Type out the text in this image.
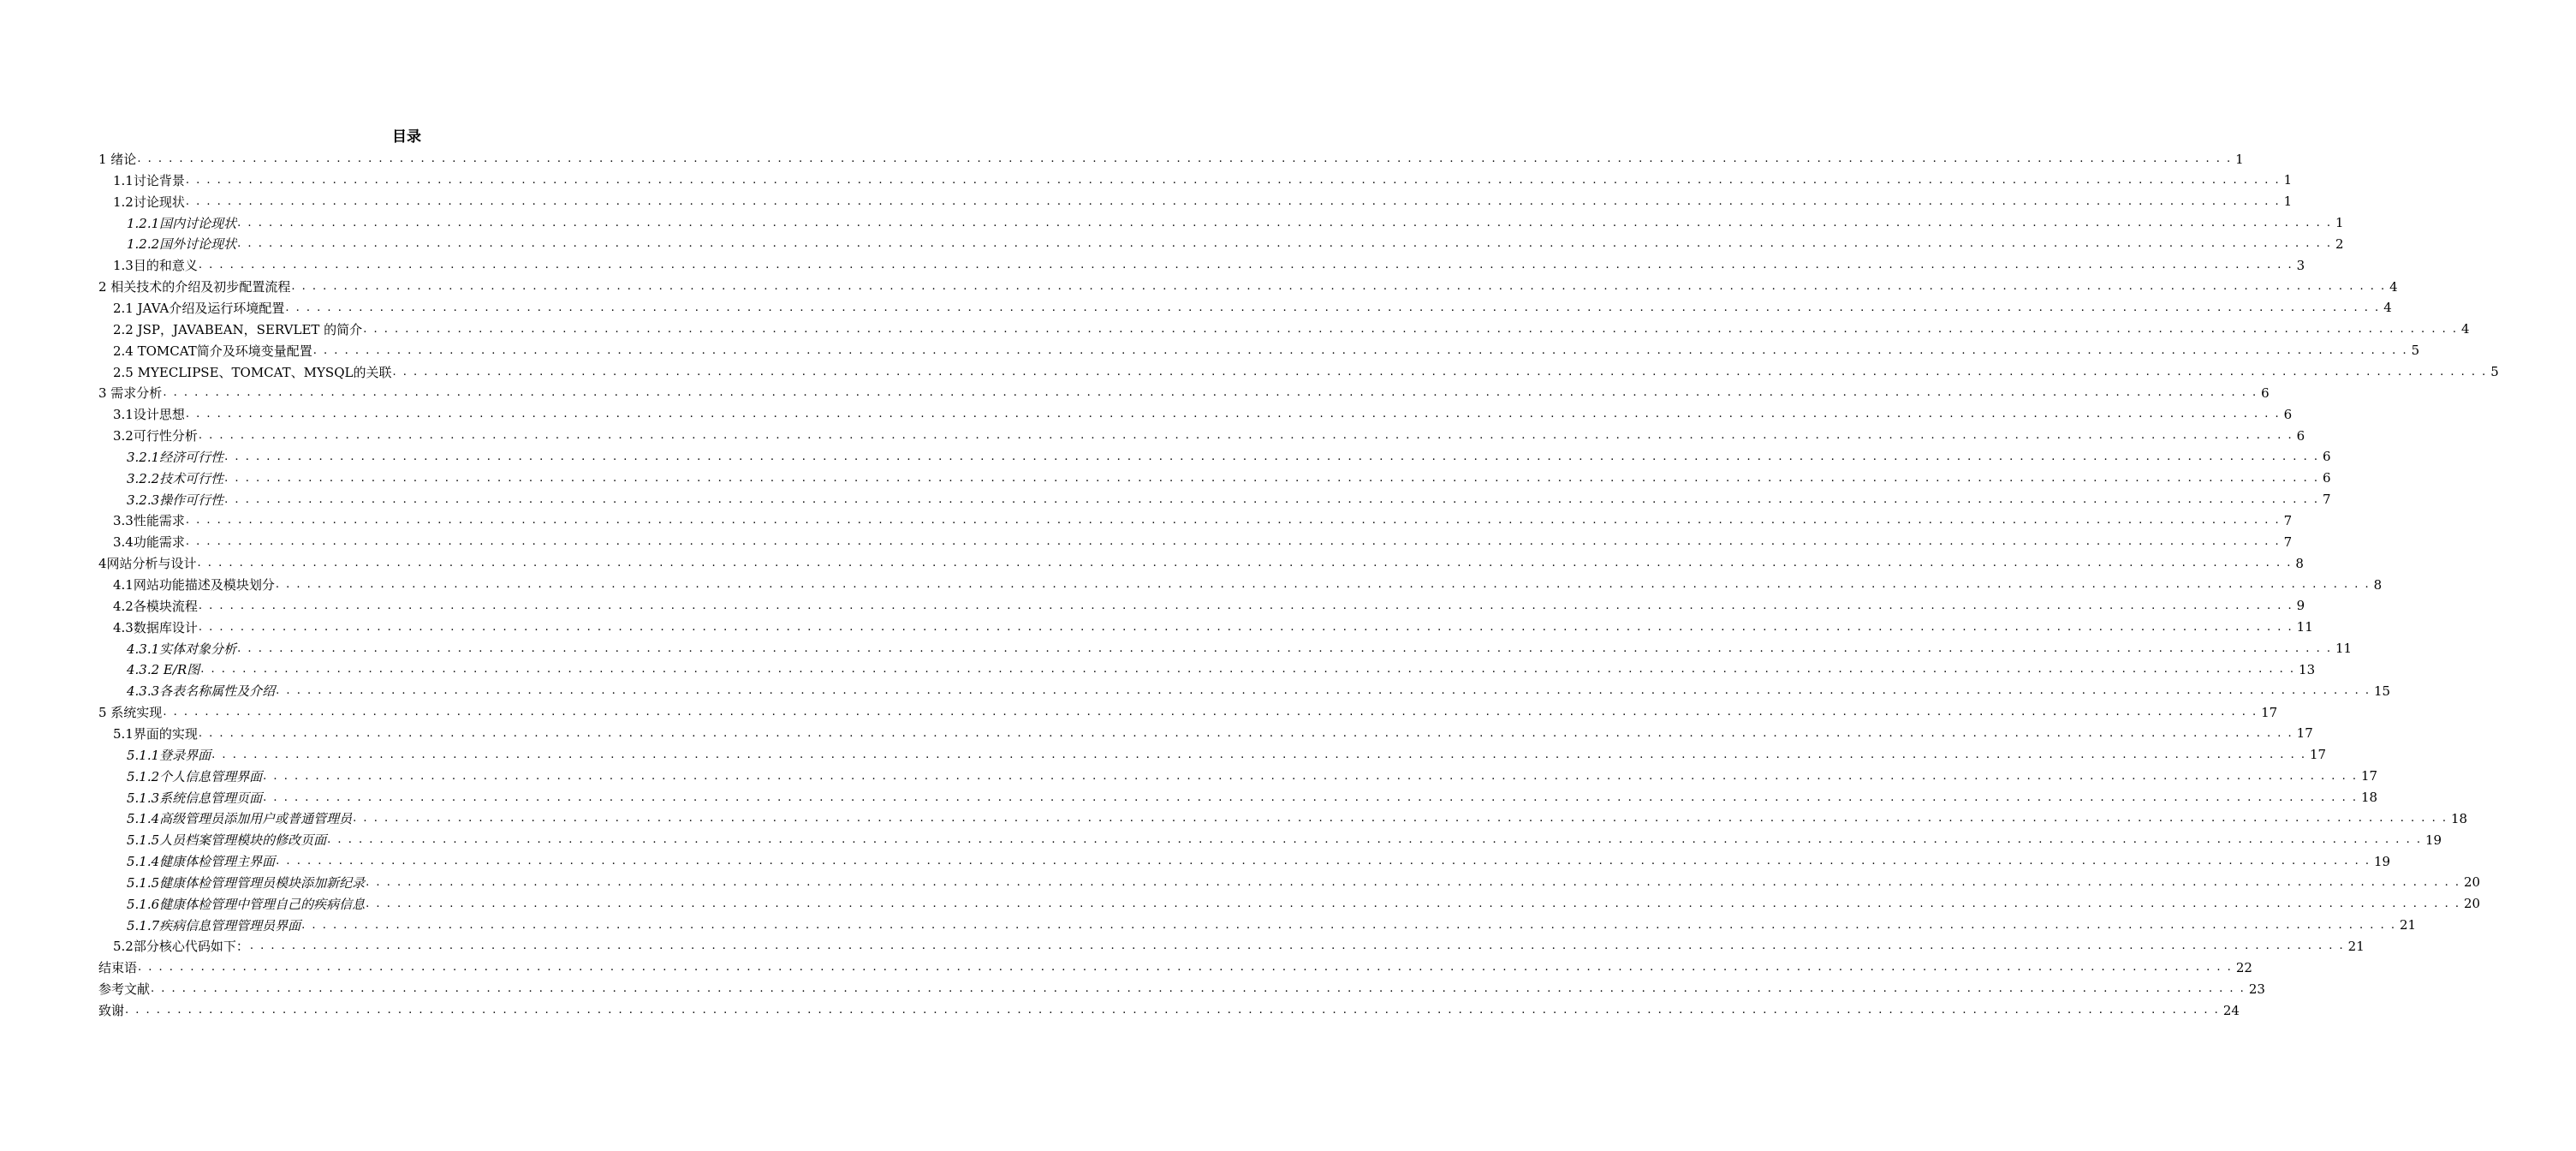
目录
1 绪论 . . . . . . . . . . . . . . . . . . . . . . . . . . . . . . . . . . . . . . . . . . . . . . . . . . . . . . . . . . . . . . . . . . . . . . . . . . . . . . . . . . . . . . . . . . . . . . . . . . . . . . . . . . . . . . . . . . . . . . . . . . . . . . . . . . . . . . . . . . . . . . . . . . . . . . . . . . . . . . . . . . . . . . . . . . . . . . . . . . . . . . . . . . . . . . . . . . . . . . . . 1
1.1讨论背景 . . . . . . . . . . . . . . . . . . . . . . . . . . . . . . . . . . . . . . . . . . . . . . . . . . . . . . . . . . . . . . . . . . . . . . . . . . . . . . . . . . . . . . . . . . . . . . . . . . . . . . . . . . . . . . . . . . . . . . . . . . . . . . . . . . . . . . . . . . . . . . . . . . . . . . . . . . . . . . . . . . . . . . . . . . . . . . . . . . . . . . . . . . . . . . . . . . . . . . . . 1
1.2讨论现状 . . . . . . . . . . . . . . . . . . . . . . . . . . . . . . . . . . . . . . . . . . . . . . . . . . . . . . . . . . . . . . . . . . . . . . . . . . . . . . . . . . . . . . . . . . . . . . . . . . . . . . . . . . . . . . . . . . . . . . . . . . . . . . . . . . . . . . . . . . . . . . . . . . . . . . . . . . . . . . . . . . . . . . . . . . . . . . . . . . . . . . . . . . . . . . . . . . . . . . . . 1
1.2.1国内讨论现状 . . . . . . . . . . . . . . . . . . . . . . . . . . . . . . . . . . . . . . . . . . . . . . . . . . . . . . . . . . . . . . . . . . . . . . . . . . . . . . . . . . . . . . . . . . . . . . . . . . . . . . . . . . . . . . . . . . . . . . . . . . . . . . . . . . . . . . . . . . . . . . . . . . . . . . . . . . . . . . . . . . . . . . . . . . . . . . . . . . . . . . . . . . . . . . . . . . . . . . . . 1
1.2.2国外讨论现状 . . . . . . . . . . . . . . . . . . . . . . . . . . . . . . . . . . . . . . . . . . . . . . . . . . . . . . . . . . . . . . . . . . . . . . . . . . . . . . . . . . . . . . . . . . . . . . . . . . . . . . . . . . . . . . . . . . . . . . . . . . . . . . . . . . . . . . . . . . . . . . . . . . . . . . . . . . . . . . . . . . . . . . . . . . . . . . . . . . . . . . . . . . . . . . . . . . . . . . . . 2
1.3目的和意义 . . . . . . . . . . . . . . . . . . . . . . . . . . . . . . . . . . . . . . . . . . . . . . . . . . . . . . . . . . . . . . . . . . . . . . . . . . . . . . . . . . . . . . . . . . . . . . . . . . . . . . . . . . . . . . . . . . . . . . . . . . . . . . . . . . . . . . . . . . . . . . . . . . . . . . . . . . . . . . . . . . . . . . . . . . . . . . . . . . . . . . . . . . . . . . . . . . . . . . . . 3
2 相关技术的介绍及初步配置流程 . . . . . . . . . . . . . . . . . . . . . . . . . . . . . . . . . . . . . . . . . . . . . . . . . . . . . . . . . . . . . . . . . . . . . . . . . . . . . . . . . . . . . . . . . . . . . . . . . . . . . . . . . . . . . . . . . . . . . . . . . . . . . . . . . . . . . . . . . . . . . . . . . . . . . . . . . . . . . . . . . . . . . . . . . . . . . . . . . . . . . . . . . . . . . . . . . . . . . . . . 4
2.1 JAVA介绍及运行环境配置 . . . . . . . . . . . . . . . . . . . . . . . . . . . . . . . . . . . . . . . . . . . . . . . . . . . . . . . . . . . . . . . . . . . . . . . . . . . . . . . . . . . . . . . . . . . . . . . . . . . . . . . . . . . . . . . . . . . . . . . . . . . . . . . . . . . . . . . . . . . . . . . . . . . . . . . . . . . . . . . . . . . . . . . . . . . . . . . . . . . . . . . . . . . . . . . . . . . . . . . . 4
2.2 JSP，JAVABEAN，SERVLET 的简介 . . . . . . . . . . . . . . . . . . . . . . . . . . . . . . . . . . . . . . . . . . . . . . . . . . . . . . . . . . . . . . . . . . . . . . . . . . . . . . . . . . . . . . . . . . . . . . . . . . . . . . . . . . . . . . . . . . . . . . . . . . . . . . . . . . . . . . . . . . . . . . . . . . . . . . . . . . . . . . . . . . . . . . . . . . . . . . . . . . . . . . . . . . . . . . . . . . . . . . . . 4
2.4 TOMCAT简介及环境变量配置 . . . . . . . . . . . . . . . . . . . . . . . . . . . . . . . . . . . . . . . . . . . . . . . . . . . . . . . . . . . . . . . . . . . . . . . . . . . . . . . . . . . . . . . . . . . . . . . . . . . . . . . . . . . . . . . . . . . . . . . . . . . . . . . . . . . . . . . . . . . . . . . . . . . . . . . . . . . . . . . . . . . . . . . . . . . . . . . . . . . . . . . . . . . . . . . . . . . . . . . . 5
2.5 MYECLIPSE、TOMCAT、MYSQL的关联 . . . . . . . . . . . . . . . . . . . . . . . . . . . . . . . . . . . . . . . . . . . . . . . . . . . . . . . . . . . . . . . . . . . . . . . . . . . . . . . . . . . . . . . . . . . . . . . . . . . . . . . . . . . . . . . . . . . . . . . . . . . . . . . . . . . . . . . . . . . . . . . . . . . . . . . . . . . . . . . . . . . . . . . . . . . . . . . . . . . . . . . . . . . . . . . . . . . . . . . . 5
3 需求分析 . . . . . . . . . . . . . . . . . . . . . . . . . . . . . . . . . . . . . . . . . . . . . . . . . . . . . . . . . . . . . . . . . . . . . . . . . . . . . . . . . . . . . . . . . . . . . . . . . . . . . . . . . . . . . . . . . . . . . . . . . . . . . . . . . . . . . . . . . . . . . . . . . . . . . . . . . . . . . . . . . . . . . . . . . . . . . . . . . . . . . . . . . . . . . . . . . . . . . . . . 6
3.1设计思想 . . . . . . . . . . . . . . . . . . . . . . . . . . . . . . . . . . . . . . . . . . . . . . . . . . . . . . . . . . . . . . . . . . . . . . . . . . . . . . . . . . . . . . . . . . . . . . . . . . . . . . . . . . . . . . . . . . . . . . . . . . . . . . . . . . . . . . . . . . . . . . . . . . . . . . . . . . . . . . . . . . . . . . . . . . . . . . . . . . . . . . . . . . . . . . . . . . . . . . . . 6
3.2可行性分析 . . . . . . . . . . . . . . . . . . . . . . . . . . . . . . . . . . . . . . . . . . . . . . . . . . . . . . . . . . . . . . . . . . . . . . . . . . . . . . . . . . . . . . . . . . . . . . . . . . . . . . . . . . . . . . . . . . . . . . . . . . . . . . . . . . . . . . . . . . . . . . . . . . . . . . . . . . . . . . . . . . . . . . . . . . . . . . . . . . . . . . . . . . . . . . . . . . . . . . . . 6
3.2.1经济可行性 . . . . . . . . . . . . . . . . . . . . . . . . . . . . . . . . . . . . . . . . . . . . . . . . . . . . . . . . . . . . . . . . . . . . . . . . . . . . . . . . . . . . . . . . . . . . . . . . . . . . . . . . . . . . . . . . . . . . . . . . . . . . . . . . . . . . . . . . . . . . . . . . . . . . . . . . . . . . . . . . . . . . . . . . . . . . . . . . . . . . . . . . . . . . . . . . . . . . . . . . 6
3.2.2技术可行性 . . . . . . . . . . . . . . . . . . . . . . . . . . . . . . . . . . . . . . . . . . . . . . . . . . . . . . . . . . . . . . . . . . . . . . . . . . . . . . . . . . . . . . . . . . . . . . . . . . . . . . . . . . . . . . . . . . . . . . . . . . . . . . . . . . . . . . . . . . . . . . . . . . . . . . . . . . . . . . . . . . . . . . . . . . . . . . . . . . . . . . . . . . . . . . . . . . . . . . . . 6
3.2.3操作可行性 . . . . . . . . . . . . . . . . . . . . . . . . . . . . . . . . . . . . . . . . . . . . . . . . . . . . . . . . . . . . . . . . . . . . . . . . . . . . . . . . . . . . . . . . . . . . . . . . . . . . . . . . . . . . . . . . . . . . . . . . . . . . . . . . . . . . . . . . . . . . . . . . . . . . . . . . . . . . . . . . . . . . . . . . . . . . . . . . . . . . . . . . . . . . . . . . . . . . . . . . 7
3.3性能需求 . . . . . . . . . . . . . . . . . . . . . . . . . . . . . . . . . . . . . . . . . . . . . . . . . . . . . . . . . . . . . . . . . . . . . . . . . . . . . . . . . . . . . . . . . . . . . . . . . . . . . . . . . . . . . . . . . . . . . . . . . . . . . . . . . . . . . . . . . . . . . . . . . . . . . . . . . . . . . . . . . . . . . . . . . . . . . . . . . . . . . . . . . . . . . . . . . . . . . . . . 7
3.4功能需求 . . . . . . . . . . . . . . . . . . . . . . . . . . . . . . . . . . . . . . . . . . . . . . . . . . . . . . . . . . . . . . . . . . . . . . . . . . . . . . . . . . . . . . . . . . . . . . . . . . . . . . . . . . . . . . . . . . . . . . . . . . . . . . . . . . . . . . . . . . . . . . . . . . . . . . . . . . . . . . . . . . . . . . . . . . . . . . . . . . . . . . . . . . . . . . . . . . . . . . . . 7
4网站分析与设计 . . . . . . . . . . . . . . . . . . . . . . . . . . . . . . . . . . . . . . . . . . . . . . . . . . . . . . . . . . . . . . . . . . . . . . . . . . . . . . . . . . . . . . . . . . . . . . . . . . . . . . . . . . . . . . . . . . . . . . . . . . . . . . . . . . . . . . . . . . . . . . . . . . . . . . . . . . . . . . . . . . . . . . . . . . . . . . . . . . . . . . . . . . . . . . . . . . . . . . . . 8
4.1网站功能描述及模块划分 . . . . . . . . . . . . . . . . . . . . . . . . . . . . . . . . . . . . . . . . . . . . . . . . . . . . . . . . . . . . . . . . . . . . . . . . . . . . . . . . . . . . . . . . . . . . . . . . . . . . . . . . . . . . . . . . . . . . . . . . . . . . . . . . . . . . . . . . . . . . . . . . . . . . . . . . . . . . . . . . . . . . . . . . . . . . . . . . . . . . . . . . . . . . . . . . . . . . . . . . 8
4.2各模块流程 . . . . . . . . . . . . . . . . . . . . . . . . . . . . . . . . . . . . . . . . . . . . . . . . . . . . . . . . . . . . . . . . . . . . . . . . . . . . . . . . . . . . . . . . . . . . . . . . . . . . . . . . . . . . . . . . . . . . . . . . . . . . . . . . . . . . . . . . . . . . . . . . . . . . . . . . . . . . . . . . . . . . . . . . . . . . . . . . . . . . . . . . . . . . . . . . . . . . . . . . 9
4.3数据库设计 . . . . . . . . . . . . . . . . . . . . . . . . . . . . . . . . . . . . . . . . . . . . . . . . . . . . . . . . . . . . . . . . . . . . . . . . . . . . . . . . . . . . . . . . . . . . . . . . . . . . . . . . . . . . . . . . . . . . . . . . . . . . . . . . . . . . . . . . . . . . . . . . . . . . . . . . . . . . . . . . . . . . . . . . . . . . . . . . . . . . . . . . . . . . . . . . . . . . . . . . 11
4.3.1实体对象分析 . . . . . . . . . . . . . . . . . . . . . . . . . . . . . . . . . . . . . . . . . . . . . . . . . . . . . . . . . . . . . . . . . . . . . . . . . . . . . . . . . . . . . . . . . . . . . . . . . . . . . . . . . . . . . . . . . . . . . . . . . . . . . . . . . . . . . . . . . . . . . . . . . . . . . . . . . . . . . . . . . . . . . . . . . . . . . . . . . . . . . . . . . . . . . . . . . . . . . . . . 11
4.3.2 E/R图 . . . . . . . . . . . . . . . . . . . . . . . . . . . . . . . . . . . . . . . . . . . . . . . . . . . . . . . . . . . . . . . . . . . . . . . . . . . . . . . . . . . . . . . . . . . . . . . . . . . . . . . . . . . . . . . . . . . . . . . . . . . . . . . . . . . . . . . . . . . . . . . . . . . . . . . . . . . . . . . . . . . . . . . . . . . . . . . . . . . . . . . . . . . . . . . . . . . . . . . . 13
4.3.3各表名称属性及介绍 . . . . . . . . . . . . . . . . . . . . . . . . . . . . . . . . . . . . . . . . . . . . . . . . . . . . . . . . . . . . . . . . . . . . . . . . . . . . . . . . . . . . . . . . . . . . . . . . . . . . . . . . . . . . . . . . . . . . . . . . . . . . . . . . . . . . . . . . . . . . . . . . . . . . . . . . . . . . . . . . . . . . . . . . . . . . . . . . . . . . . . . . . . . . . . . . . . . . . . . . 15
5 系统实现 . . . . . . . . . . . . . . . . . . . . . . . . . . . . . . . . . . . . . . . . . . . . . . . . . . . . . . . . . . . . . . . . . . . . . . . . . . . . . . . . . . . . . . . . . . . . . . . . . . . . . . . . . . . . . . . . . . . . . . . . . . . . . . . . . . . . . . . . . . . . . . . . . . . . . . . . . . . . . . . . . . . . . . . . . . . . . . . . . . . . . . . . . . . . . . . . . . . . . . . . 17
5.1界面的实现 . . . . . . . . . . . . . . . . . . . . . . . . . . . . . . . . . . . . . . . . . . . . . . . . . . . . . . . . . . . . . . . . . . . . . . . . . . . . . . . . . . . . . . . . . . . . . . . . . . . . . . . . . . . . . . . . . . . . . . . . . . . . . . . . . . . . . . . . . . . . . . . . . . . . . . . . . . . . . . . . . . . . . . . . . . . . . . . . . . . . . . . . . . . . . . . . . . . . . . . . 17
5.1.1登录界面 . . . . . . . . . . . . . . . . . . . . . . . . . . . . . . . . . . . . . . . . . . . . . . . . . . . . . . . . . . . . . . . . . . . . . . . . . . . . . . . . . . . . . . . . . . . . . . . . . . . . . . . . . . . . . . . . . . . . . . . . . . . . . . . . . . . . . . . . . . . . . . . . . . . . . . . . . . . . . . . . . . . . . . . . . . . . . . . . . . . . . . . . . . . . . . . . . . . . . . . . 17
5.1.2个人信息管理界面 . . . . . . . . . . . . . . . . . . . . . . . . . . . . . . . . . . . . . . . . . . . . . . . . . . . . . . . . . . . . . . . . . . . . . . . . . . . . . . . . . . . . . . . . . . . . . . . . . . . . . . . . . . . . . . . . . . . . . . . . . . . . . . . . . . . . . . . . . . . . . . . . . . . . . . . . . . . . . . . . . . . . . . . . . . . . . . . . . . . . . . . . . . . . . . . . . . . . . . . . 17
5.1.3系统信息管理页面 . . . . . . . . . . . . . . . . . . . . . . . . . . . . . . . . . . . . . . . . . . . . . . . . . . . . . . . . . . . . . . . . . . . . . . . . . . . . . . . . . . . . . . . . . . . . . . . . . . . . . . . . . . . . . . . . . . . . . . . . . . . . . . . . . . . . . . . . . . . . . . . . . . . . . . . . . . . . . . . . . . . . . . . . . . . . . . . . . . . . . . . . . . . . . . . . . . . . . . . . 18
5.1.4高级管理员添加用户或普通管理员 . . . . . . . . . . . . . . . . . . . . . . . . . . . . . . . . . . . . . . . . . . . . . . . . . . . . . . . . . . . . . . . . . . . . . . . . . . . . . . . . . . . . . . . . . . . . . . . . . . . . . . . . . . . . . . . . . . . . . . . . . . . . . . . . . . . . . . . . . . . . . . . . . . . . . . . . . . . . . . . . . . . . . . . . . . . . . . . . . . . . . . . . . . . . . . . . . . . . . . . . 18
5.1.5人员档案管理模块的修改页面 . . . . . . . . . . . . . . . . . . . . . . . . . . . . . . . . . . . . . . . . . . . . . . . . . . . . . . . . . . . . . . . . . . . . . . . . . . . . . . . . . . . . . . . . . . . . . . . . . . . . . . . . . . . . . . . . . . . . . . . . . . . . . . . . . . . . . . . . . . . . . . . . . . . . . . . . . . . . . . . . . . . . . . . . . . . . . . . . . . . . . . . . . . . . . . . . . . . . . . . . 19
5.1.4健康体检管理主界面 . . . . . . . . . . . . . . . . . . . . . . . . . . . . . . . . . . . . . . . . . . . . . . . . . . . . . . . . . . . . . . . . . . . . . . . . . . . . . . . . . . . . . . . . . . . . . . . . . . . . . . . . . . . . . . . . . . . . . . . . . . . . . . . . . . . . . . . . . . . . . . . . . . . . . . . . . . . . . . . . . . . . . . . . . . . . . . . . . . . . . . . . . . . . . . . . . . . . . . . . 19
5.1.5健康体检管理管理员模块添加新纪录 . . . . . . . . . . . . . . . . . . . . . . . . . . . . . . . . . . . . . . . . . . . . . . . . . . . . . . . . . . . . . . . . . . . . . . . . . . . . . . . . . . . . . . . . . . . . . . . . . . . . . . . . . . . . . . . . . . . . . . . . . . . . . . . . . . . . . . . . . . . . . . . . . . . . . . . . . . . . . . . . . . . . . . . . . . . . . . . . . . . . . . . . . . . . . . . . . . . . . . . . 20
5.1.6健康体检管理中管理自己的疾病信息 . . . . . . . . . . . . . . . . . . . . . . . . . . . . . . . . . . . . . . . . . . . . . . . . . . . . . . . . . . . . . . . . . . . . . . . . . . . . . . . . . . . . . . . . . . . . . . . . . . . . . . . . . . . . . . . . . . . . . . . . . . . . . . . . . . . . . . . . . . . . . . . . . . . . . . . . . . . . . . . . . . . . . . . . . . . . . . . . . . . . . . . . . . . . . . . . . . . . . . . . 20
5.1.7疾病信息管理管理员界面 . . . . . . . . . . . . . . . . . . . . . . . . . . . . . . . . . . . . . . . . . . . . . . . . . . . . . . . . . . . . . . . . . . . . . . . . . . . . . . . . . . . . . . . . . . . . . . . . . . . . . . . . . . . . . . . . . . . . . . . . . . . . . . . . . . . . . . . . . . . . . . . . . . . . . . . . . . . . . . . . . . . . . . . . . . . . . . . . . . . . . . . . . . . . . . . . . . . . . . . . 21
5.2部分核心代码如下： . . . . . . . . . . . . . . . . . . . . . . . . . . . . . . . . . . . . . . . . . . . . . . . . . . . . . . . . . . . . . . . . . . . . . . . . . . . . . . . . . . . . . . . . . . . . . . . . . . . . . . . . . . . . . . . . . . . . . . . . . . . . . . . . . . . . . . . . . . . . . . . . . . . . . . . . . . . . . . . . . . . . . . . . . . . . . . . . . . . . . . . . . . . . . . . . . . . . . . . . 21
结束语 . . . . . . . . . . . . . . . . . . . . . . . . . . . . . . . . . . . . . . . . . . . . . . . . . . . . . . . . . . . . . . . . . . . . . . . . . . . . . . . . . . . . . . . . . . . . . . . . . . . . . . . . . . . . . . . . . . . . . . . . . . . . . . . . . . . . . . . . . . . . . . . . . . . . . . . . . . . . . . . . . . . . . . . . . . . . . . . . . . . . . . . . . . . . . . . . . . . . . . . . 22
参考文献 . . . . . . . . . . . . . . . . . . . . . . . . . . . . . . . . . . . . . . . . . . . . . . . . . . . . . . . . . . . . . . . . . . . . . . . . . . . . . . . . . . . . . . . . . . . . . . . . . . . . . . . . . . . . . . . . . . . . . . . . . . . . . . . . . . . . . . . . . . . . . . . . . . . . . . . . . . . . . . . . . . . . . . . . . . . . . . . . . . . . . . . . . . . . . . . . . . . . . . . . 23
致谢 . . . . . . . . . . . . . . . . . . . . . . . . . . . . . . . . . . . . . . . . . . . . . . . . . . . . . . . . . . . . . . . . . . . . . . . . . . . . . . . . . . . . . . . . . . . . . . . . . . . . . . . . . . . . . . . . . . . . . . . . . . . . . . . . . . . . . . . . . . . . . . . . . . . . . . . . . . . . . . . . . . . . . . . . . . . . . . . . . . . . . . . . . . . . . . . . . . . . . . . . 24
